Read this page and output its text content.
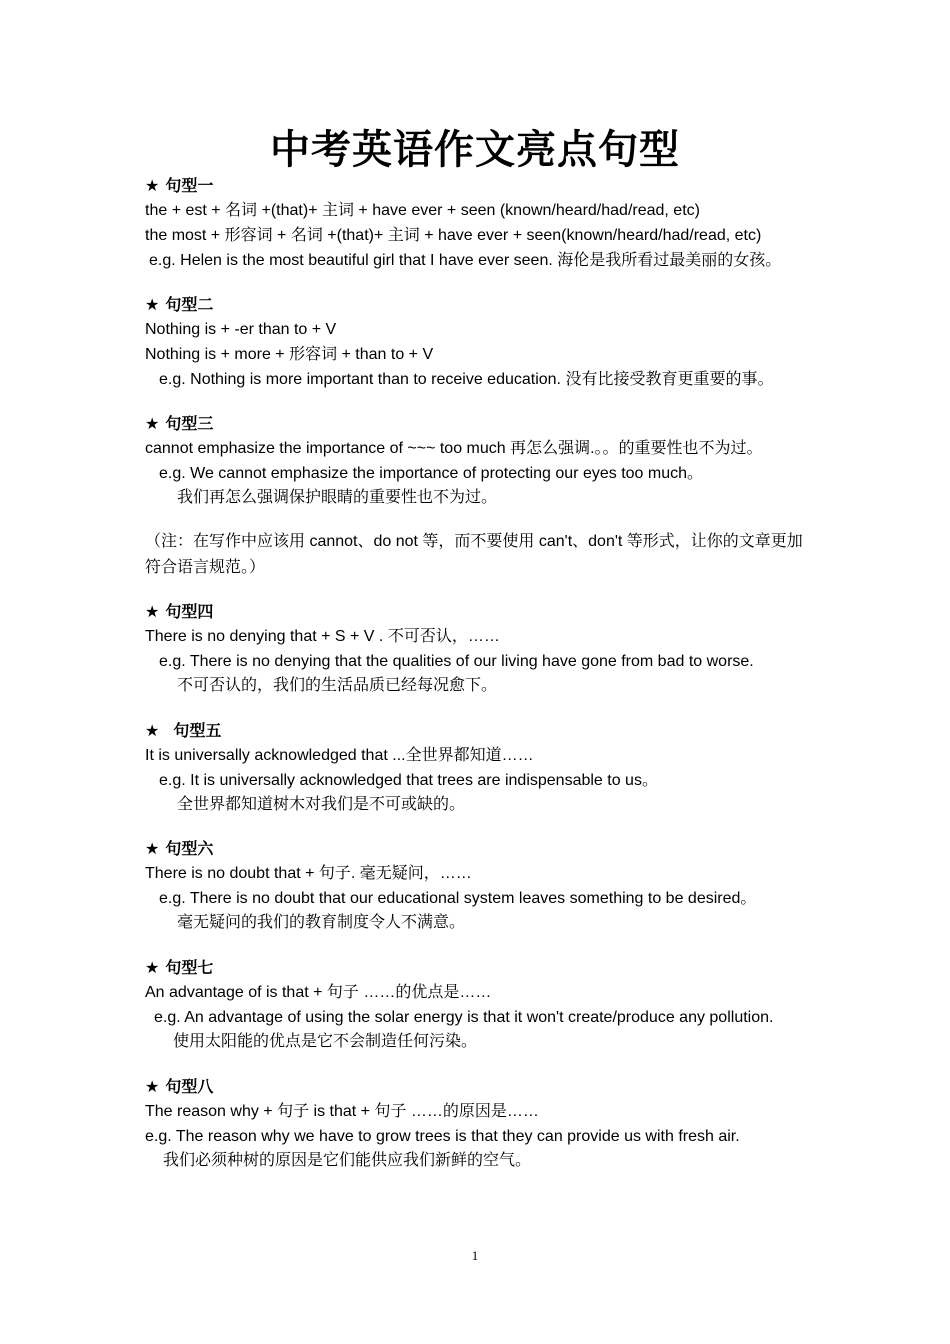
中考英语作文亮点句型
★ 句型一
the + est + 名词 +(that)+ 主词 + have ever + seen (known/heard/had/read, etc)
the most + 形容词 + 名词 +(that)+ 主词 + have ever + seen(known/heard/had/read, etc)
e.g. Helen is the most beautiful girl that I have ever seen. 海伦是我所看过最美丽的女孩。
★ 句型二
Nothing is + -er than to + V
Nothing is + more + 形容词 + than to + V
e.g. Nothing is more important than to receive education. 没有比接受教育更重要的事。
★ 句型三
cannot emphasize the importance of ~~~ too much 再怎么强调.。。的重要性也不为过。
e.g. We cannot emphasize the importance of protecting our eyes too much。
我们再怎么强调保护眼睛的重要性也不为过。
（注：在写作中应该用 cannot、do not 等，而不要使用 can't、don't 等形式，让你的文章更加符合语言规范。）
★ 句型四
There is no denying that + S + V . 不可否认，……
e.g. There is no denying that the qualities of our living have gone from bad to worse.
不可否认的，我们的生活品质已经每况愈下。
★ 句型五
It is universally acknowledged that ...全世界都知道……
e.g. It is universally acknowledged that trees are indispensable to us。
全世界都知道树木对我们是不可或缺的。
★ 句型六
There is no doubt that + 句子. 毫无疑问，……
e.g. There is no doubt that our educational system leaves something to be desired。
毫无疑问的我们的教育制度令人不满意。
★ 句型七
An advantage of is that + 句子 ……的优点是……
e.g. An advantage of using the solar energy is that it won't create/produce any pollution.
使用太阳能的优点是它不会制造任何污染。
★ 句型八
The reason why + 句子 is that + 句子 ……的原因是……
e.g. The reason why we have to grow trees is that they can provide us with fresh air.
我们必须种树的原因是它们能供应我们新鲜的空气。
1
